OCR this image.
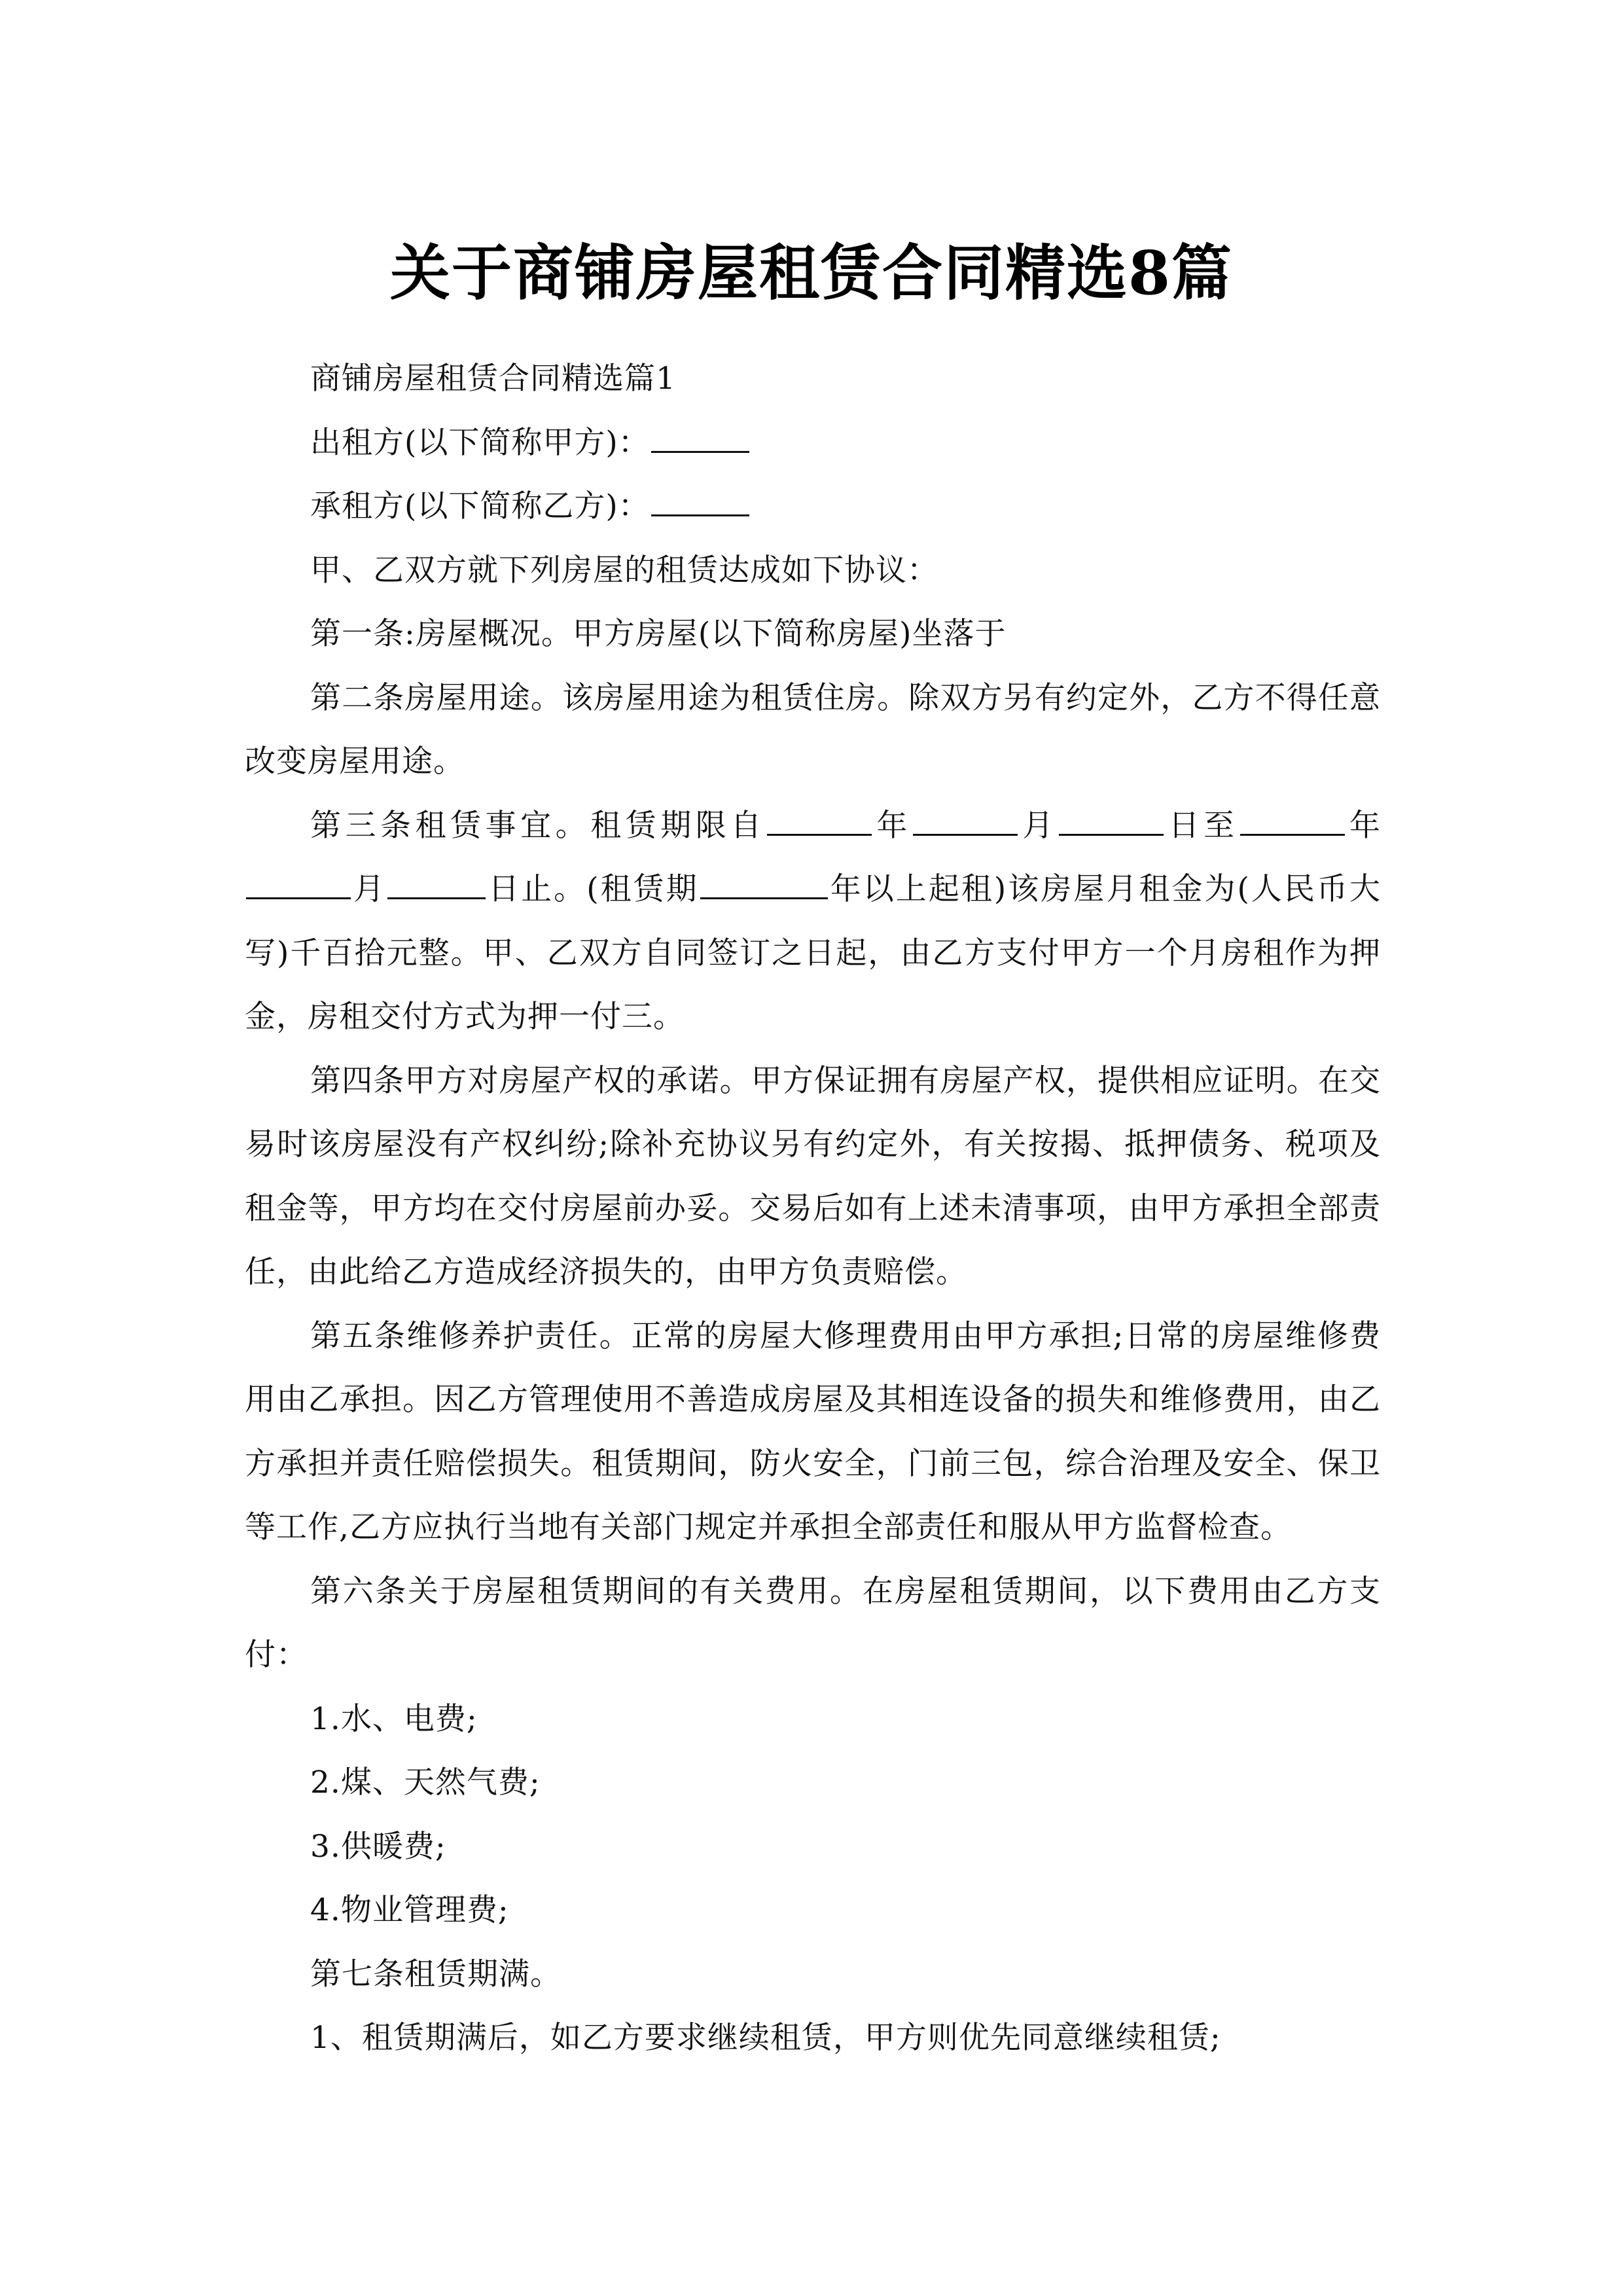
关于商铺房屋租赁合同精选8篇

商铺房屋租赁合同精选篇1

出租方(以下简称甲方)：

承租方(以下简称乙方)：

甲、乙双方就下列房屋的租赁达成如下协议：

第一条:房屋概况。甲方房屋(以下简称房屋)坐落于

第二条房屋用途。该房屋用途为租赁住房。除双方另有约定外，乙方不得任意改变房屋用途。

第三条租赁事宜。租赁期限自	年	月	日至	年月	日止。(租赁期	年以上起租)该房屋月租金为(人民币大写)千百拾元整。甲、乙双方自同签订之日起，由乙方支付甲方一个月房租作为押金，房租交付方式为押一付三。

第四条甲方对房屋产权的承诺。甲方保证拥有房屋产权，提供相应证明。在交易时该房屋没有产权纠纷;除补充协议另有约定外，有关按揭、抵押债务、税项及租金等，甲方均在交付房屋前办妥。交易后如有上述未清事项，由甲方承担全部责任，由此给乙方造成经济损失的，由甲方负责赔偿。

第五条维修养护责任。正常的房屋大修理费用由甲方承担;日常的房屋维修费用由乙承担。因乙方管理使用不善造成房屋及其相连设备的损失和维修费用，由乙方承担并责任赔偿损失。租赁期间，防火安全，门前三包，综合治理及安全、保卫等工作,乙方应执行当地有关部门规定并承担全部责任和服从甲方监督检查。

第六条关于房屋租赁期间的有关费用。在房屋租赁期间，以下费用由乙方支付：

1.水、电费;

2.煤、天然气费;

3.供暖费;

4.物业管理费;

第七条租赁期满。

1、租赁期满后，如乙方要求继续租赁，甲方则优先同意继续租赁;
